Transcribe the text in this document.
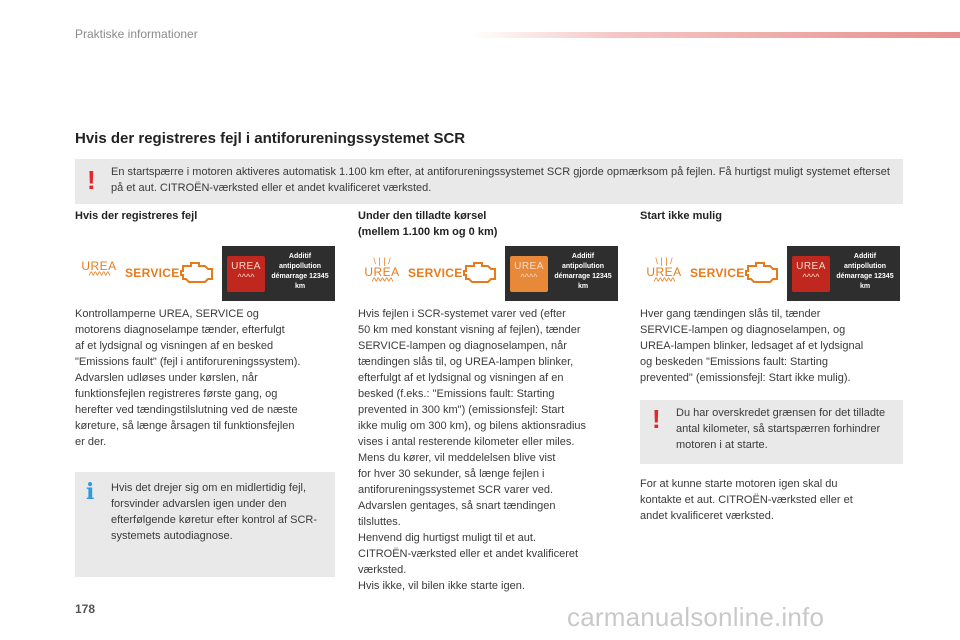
Praktiske informationer
Hvis der registreres fejl i antiforureningssystemet SCR
! En startspærre i motoren aktiveres automatisk 1.100 km efter, at antiforureningssystemet SCR gjorde opmærksom på fejlen. Få hurtigst muligt systemet efterset på et aut. CITROËN-værksted eller et andet kvalificeret værksted.
Hvis der registreres fejl	Under den tilladte kørsel
(mellem 1.100 km og 0 km)
Start ikke mulig
UREA
^^^^^	SERVICE	UREA
^^^^
Additif antipollution démarrage 12345 km
\ | | /
UREA
^^^^^
SERVICE	UREA
^^^^
Additif antipollution démarrage 12345 km
\ | | /
UREA
^^^^^
SERVICE	UREA
^^^^
Additif antipollution démarrage 12345 km
Kontrollamperne UREA, SERVICE og
motorens diagnoselampe tænder, efterfulgt
af et lydsignal og visningen af en besked
"Emissions fault" (fejl i antiforureningssystem).
Advarslen udløses under kørslen, når
funktionsfejlen registreres første gang, og
herefter ved tændingstilslutning ved de næste
køreture, så længe årsagen til funktionsfejlen
er der.
Hvis fejlen i SCR-systemet varer ved (efter
50 km med konstant visning af fejlen), tænder
SERVICE-lampen og diagnoselampen, når
tændingen slås til, og UREA-lampen blinker,
efterfulgt af et lydsignal og visningen af en
besked (f.eks.: "Emissions fault: Starting
prevented in 300 km") (emissionsfejl: Start
ikke mulig om 300 km), og bilens aktionsradius
vises i antal resterende kilometer eller miles.
Mens du kører, vil meddelelsen blive vist
for hver 30 sekunder, så længe fejlen i
antiforureningssystemet SCR varer ved.
Advarslen gentages, så snart tændingen
tilsluttes.
Henvend dig hurtigst muligt til et aut.
CITROËN-værksted eller et andet kvalificeret
værksted.
Hvis ikke, vil bilen ikke starte igen.
Hver gang tændingen slås til, tænder
SERVICE-lampen og diagnoselampen, og
UREA-lampen blinker, ledsaget af et lydsignal
og beskeden "Emissions fault: Starting
prevented" (emissionsfejl: Start ikke mulig).
i Hvis det drejer sig om en midlertidig fejl, forsvinder advarslen igen under den efterfølgende køretur efter kontrol af SCR-systemets autodiagnose.
! Du har overskredet grænsen for det tilladte antal kilometer, så startspærren forhindrer motoren i at starte.
For at kunne starte motoren igen skal du
kontakte et aut. CITROËN-værksted eller et
andet kvalificeret værksted.
178	carmanualsonline.info
